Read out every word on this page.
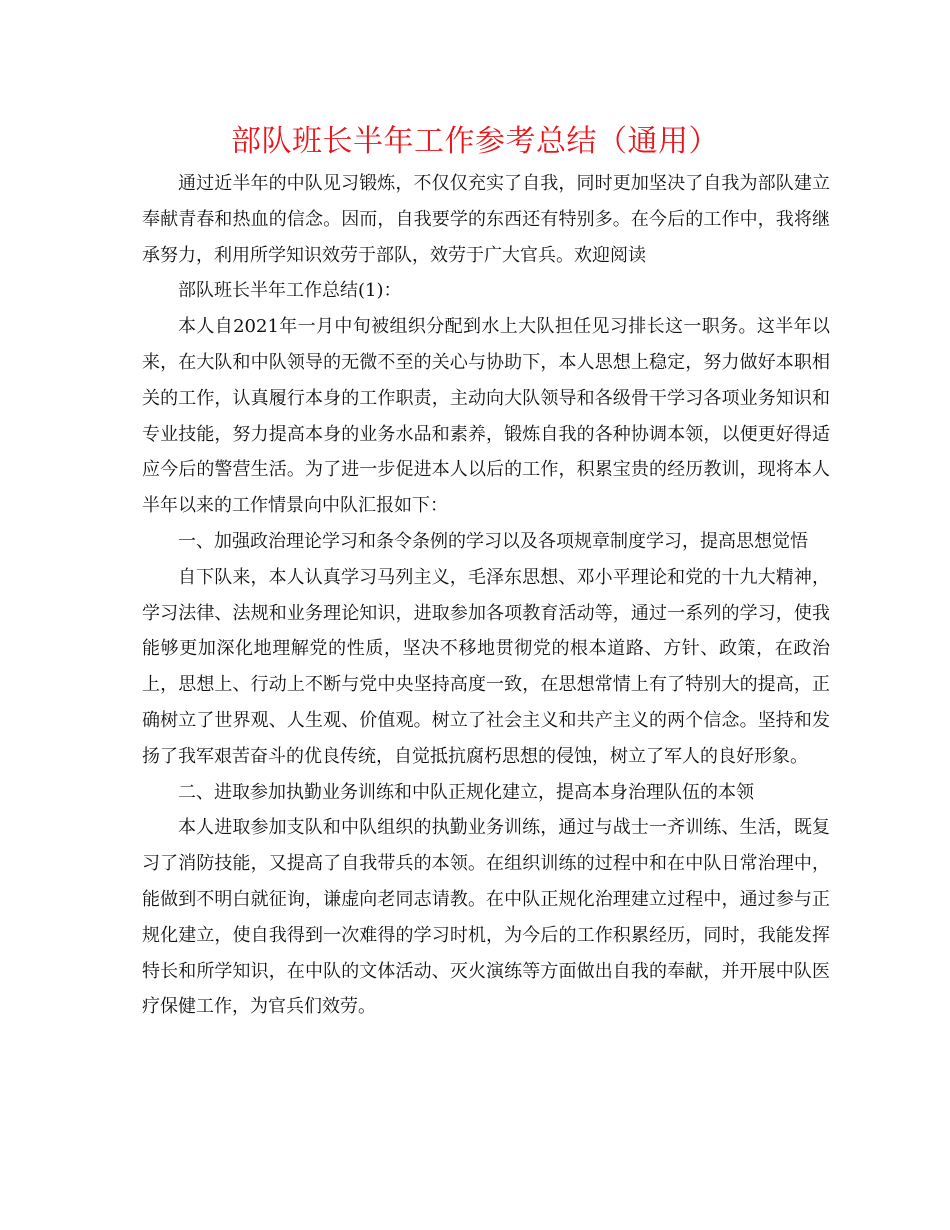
部队班长半年工作参考总结（通用）

通过近半年的中队见习锻炼，不仅仅充实了自我，同时更加坚决了自我为部队建立奉献青春和热血的信念。因而，自我要学的东西还有特别多。在今后的工作中，我将继承努力，利用所学知识效劳于部队，效劳于广大官兵。欢迎阅读

部队班长半年工作总结(1)：

本人自2021年一月中旬被组织分配到水上大队担任见习排长这一职务。这半年以来，在大队和中队领导的无微不至的关心与协助下，本人思想上稳定，努力做好本职相关的工作，认真履行本身的工作职责，主动向大队领导和各级骨干学习各项业务知识和专业技能，努力提高本身的业务水品和素养，锻炼自我的各种协调本领，以便更好得适应今后的警营生活。为了进一步促进本人以后的工作，积累宝贵的经历教训，现将本人半年以来的工作情景向中队汇报如下：

一、加强政治理论学习和条令条例的学习以及各项规章制度学习，提高思想觉悟

自下队来，本人认真学习马列主义，毛泽东思想、邓小平理论和党的十九大精神，学习法律、法规和业务理论知识，进取参加各项教育活动等，通过一系列的学习，使我能够更加深化地理解党的性质，坚决不移地贯彻党的根本道路、方针、政策，在政治上，思想上、行动上不断与党中央坚持高度一致，在思想常情上有了特别大的提高，正确树立了世界观、人生观、价值观。树立了社会主义和共产主义的两个信念。坚持和发扬了我军艰苦奋斗的优良传统，自觉抵抗腐朽思想的侵蚀，树立了军人的良好形象。

二、进取参加执勤业务训练和中队正规化建立，提高本身治理队伍的本领

本人进取参加支队和中队组织的执勤业务训练，通过与战士一齐训练、生活，既复习了消防技能，又提高了自我带兵的本领。在组织训练的过程中和在中队日常治理中，能做到不明白就征询，谦虚向老同志请教。在中队正规化治理建立过程中，通过参与正规化建立，使自我得到一次难得的学习时机，为今后的工作积累经历，同时，我能发挥特长和所学知识，在中队的文体活动、灭火演练等方面做出自我的奉献，并开展中队医疗保健工作，为官兵们效劳。
